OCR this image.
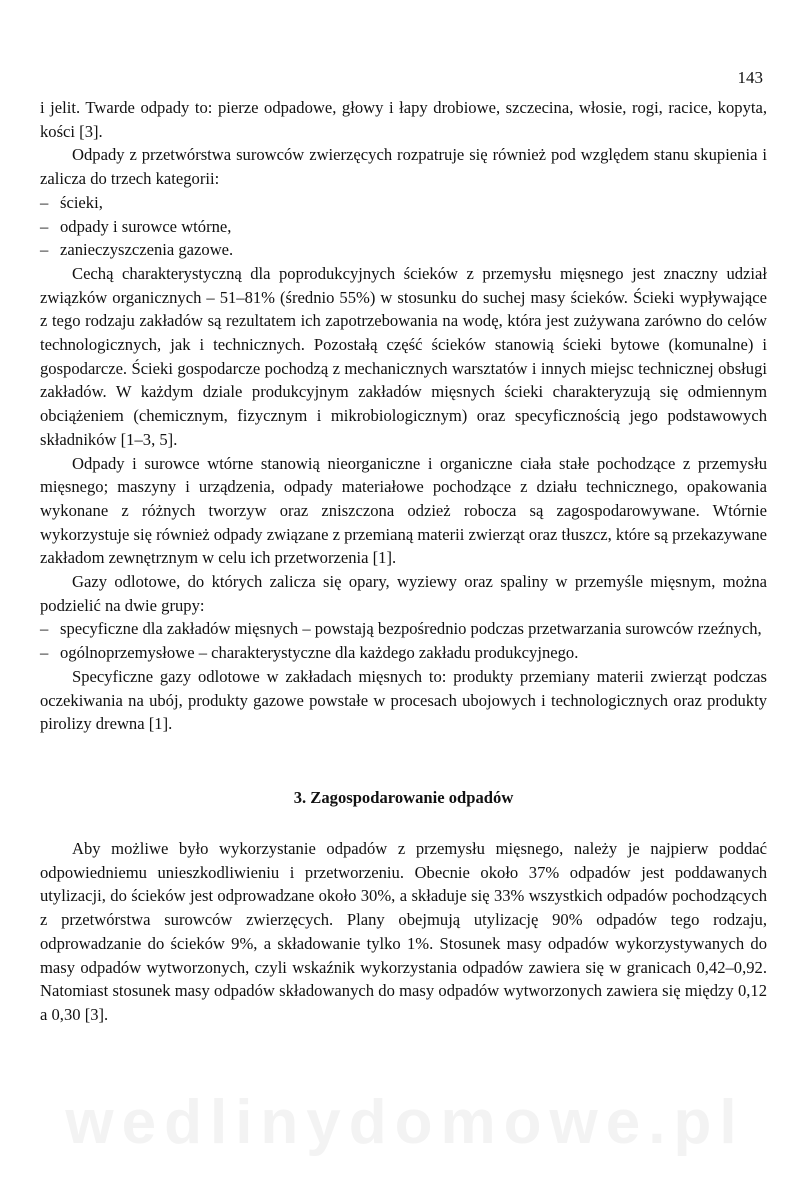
143

i jelit. Twarde odpady to: pierze odpadowe, głowy i łapy drobiowe, szczecina, włosie, rogi, racice, kopyta, kości [3].

Odpady z przetwórstwa surowców zwierzęcych rozpatruje się również pod względem stanu skupienia i zalicza do trzech kategorii:

– ścieki,
– odpady i surowce wtórne,
– zanieczyszczenia gazowe.

Cechą charakterystyczną dla poprodukcyjnych ścieków z przemysłu mięsnego jest znaczny udział związków organicznych – 51–81% (średnio 55%) w stosunku do suchej masy ścieków. Ścieki wypływające z tego rodzaju zakładów są rezultatem ich zapotrzebowania na wodę, która jest zużywana zarówno do celów technologicznych, jak i technicznych. Pozostałą część ścieków stanowią ścieki bytowe (komunalne) i gospodarcze. Ścieki gospodarcze pochodzą z mechanicznych warsztatów i innych miejsc technicznej obsługi zakładów. W każdym dziale produkcyjnym zakładów mięsnych ścieki charakteryzują się odmiennym obciążeniem (chemicznym, fizycznym i mikrobiologicznym) oraz specyficznością jego podstawowych składników [1–3, 5].

Odpady i surowce wtórne stanowią nieorganiczne i organiczne ciała stałe pochodzące z przemysłu mięsnego; maszyny i urządzenia, odpady materiałowe pochodzące z działu technicznego, opakowania wykonane z różnych tworzyw oraz zniszczona odzież robocza są zagospodarowywane. Wtórnie wykorzystuje się również odpady związane z przemianą materii zwierząt oraz tłuszcz, które są przekazywane zakładom zewnętrznym w celu ich przetworzenia [1].

Gazy odlotowe, do których zalicza się opary, wyziewy oraz spaliny w przemyśle mięsnym, można podzielić na dwie grupy:

– specyficzne dla zakładów mięsnych – powstają bezpośrednio podczas przetwarzania surowców rzeźnych,
– ogólnoprzemysłowe – charakterystyczne dla każdego zakładu produkcyjnego.

Specyficzne gazy odlotowe w zakładach mięsnych to: produkty przemiany materii zwierząt podczas oczekiwania na ubój, produkty gazowe powstałe w procesach ubojowych i technologicznych oraz produkty pirolizy drewna [1].

3. Zagospodarowanie odpadów

Aby możliwe było wykorzystanie odpadów z przemysłu mięsnego, należy je najpierw poddać odpowiedniemu unieszkodliwieniu i przetworzeniu. Obecnie około 37% odpadów jest poddawanych utylizacji, do ścieków jest odprowadzane około 30%, a składuje się 33% wszystkich odpadów pochodzących z przetwórstwa surowców zwierzęcych. Plany obejmują utylizację 90% odpadów tego rodzaju, odprowadzanie do ścieków 9%, a składowanie tylko 1%. Stosunek masy odpadów wykorzystywanych do masy odpadów wytworzonych, czyli wskaźnik wykorzystania odpadów zawiera się w granicach 0,42–0,92. Natomiast stosunek masy odpadów składowanych do masy odpadów wytworzonych zawiera się między 0,12 a 0,30 [3].

wedlinydomowe.pl
